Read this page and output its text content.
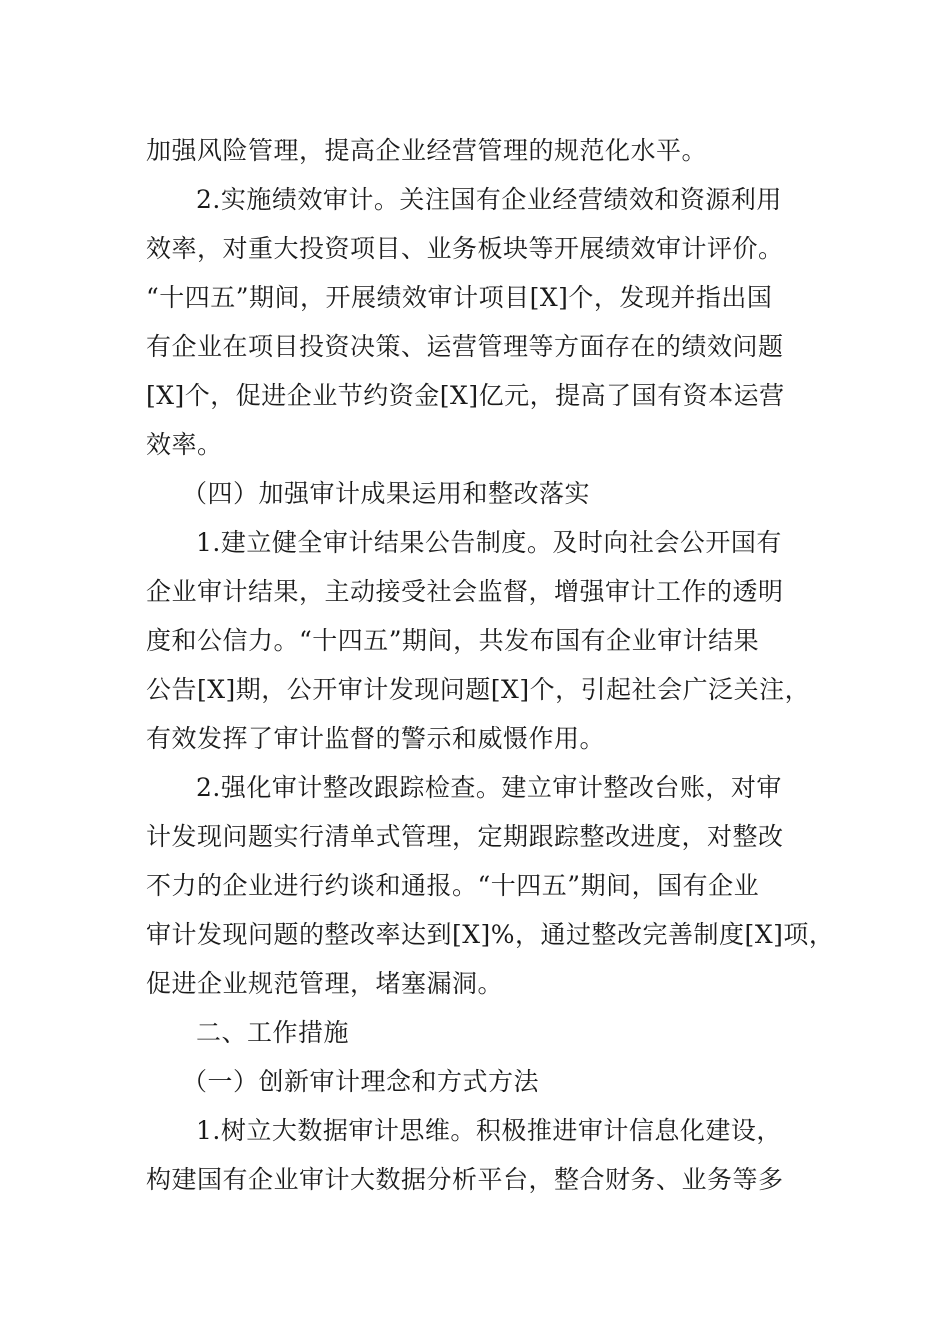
加强风险管理，提高企业经营管理的规范化水平。
2.实施绩效审计。关注国有企业经营绩效和资源利用
效率，对重大投资项目、业务板块等开展绩效审计评价。
“十四五”期间，开展绩效审计项目[X]个，发现并指出国
有企业在项目投资决策、运营管理等方面存在的绩效问题
[X]个，促进企业节约资金[X]亿元，提高了国有资本运营
效率。
（四）加强审计成果运用和整改落实
1.建立健全审计结果公告制度。及时向社会公开国有
企业审计结果，主动接受社会监督，增强审计工作的透明
度和公信力。“十四五”期间，共发布国有企业审计结果
公告[X]期，公开审计发现问题[X]个，引起社会广泛关注，
有效发挥了审计监督的警示和威慑作用。
2.强化审计整改跟踪检查。建立审计整改台账，对审
计发现问题实行清单式管理，定期跟踪整改进度，对整改
不力的企业进行约谈和通报。“十四五”期间，国有企业
审计发现问题的整改率达到[X]%，通过整改完善制度[X]项，
促进企业规范管理，堵塞漏洞。
二、工作措施
（一）创新审计理念和方式方法
1.树立大数据审计思维。积极推进审计信息化建设，
构建国有企业审计大数据分析平台，整合财务、业务等多
